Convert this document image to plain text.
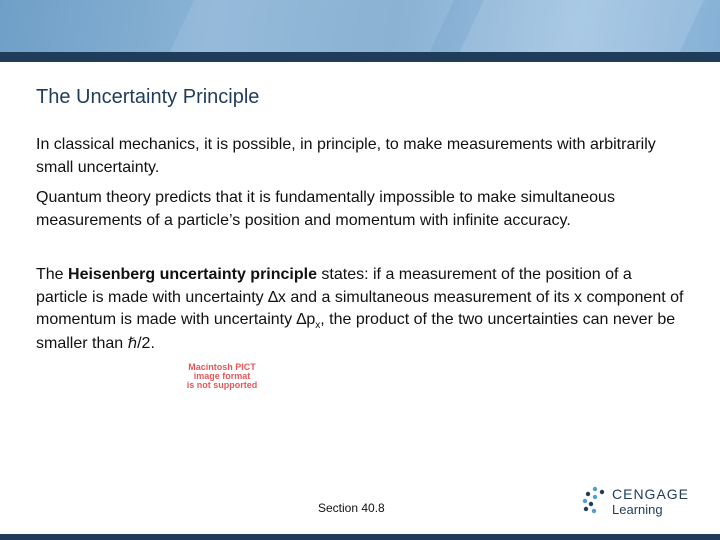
The Uncertainty Principle

In classical mechanics, it is possible, in principle, to make measurements with arbitrarily small uncertainty.

Quantum theory predicts that it is fundamentally impossible to make simultaneous measurements of a particle’s position and momentum with infinite accuracy.

The Heisenberg uncertainty principle states: if a measurement of the position of a particle is made with uncertainty ∆x and a simultaneous measurement of its x component of momentum is made with uncertainty $\Delta p_x$, the product of the two uncertainties can never be smaller than ℏ/2.

Macintosh PICT
image format
is not supported
Section 40.8
CENGAGE
Learning
